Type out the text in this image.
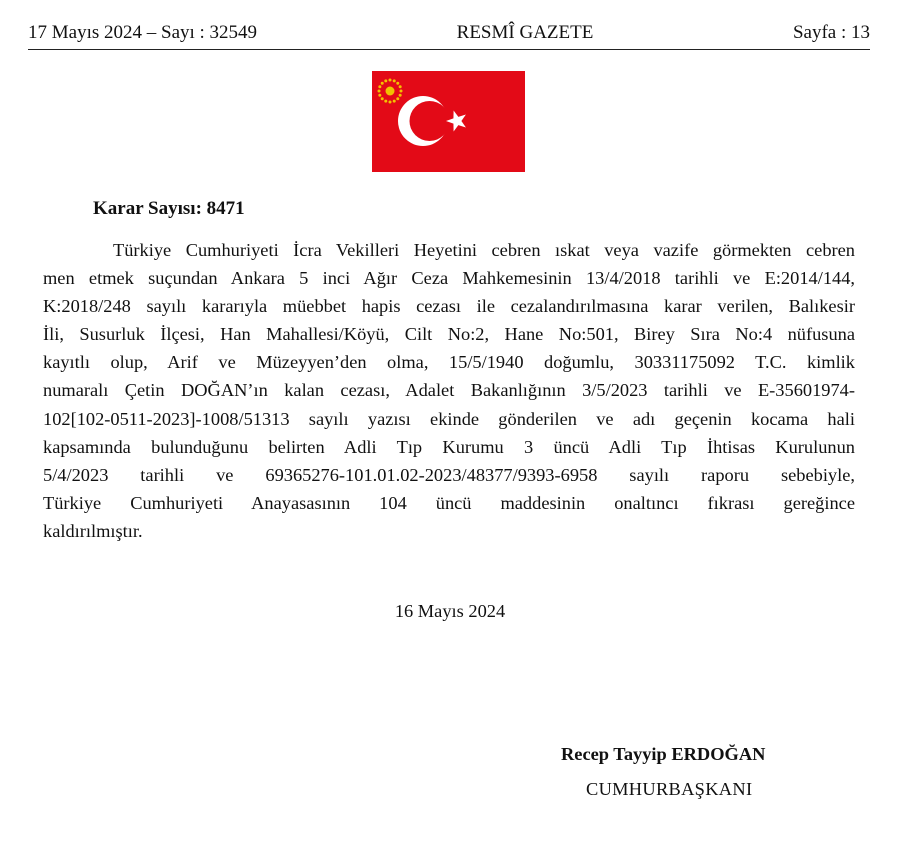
17 Mayıs 2024 – Sayı : 32549	RESMÎ GAZETE	Sayfa : 13
Karar Sayısı: 8471
Türkiye Cumhuriyeti İcra Vekilleri Heyetini cebren ıskat veya vazife görmekten cebren
men etmek suçundan Ankara 5 inci Ağır Ceza Mahkemesinin 13/4/2018 tarihli ve E:2014/144,
K:2018/248 sayılı kararıyla müebbet hapis cezası ile cezalandırılmasına karar verilen, Balıkesir
İli, Susurluk İlçesi, Han Mahallesi/Köyü, Cilt No:2, Hane No:501, Birey Sıra No:4 nüfusuna
kayıtlı olup, Arif ve Müzeyyen’den olma, 15/5/1940 doğumlu, 30331175092 T.C. kimlik
numaralı Çetin DOĞAN’ın kalan cezası, Adalet Bakanlığının 3/5/2023 tarihli ve E-35601974-
102[102-0511-2023]-1008/51313 sayılı yazısı ekinde gönderilen ve adı geçenin kocama hali
kapsamında bulunduğunu belirten Adli Tıp Kurumu 3 üncü Adli Tıp İhtisas Kurulunun
5/4/2023 tarihli ve 69365276-101.01.02-2023/48377/9393-6958 sayılı raporu sebebiyle,
Türkiye Cumhuriyeti Anayasasının 104 üncü maddesinin onaltıncı fıkrası gereğince
kaldırılmıştır.
16 Mayıs 2024
Recep Tayyip ERDOĞAN
CUMHURBAŞKANI
